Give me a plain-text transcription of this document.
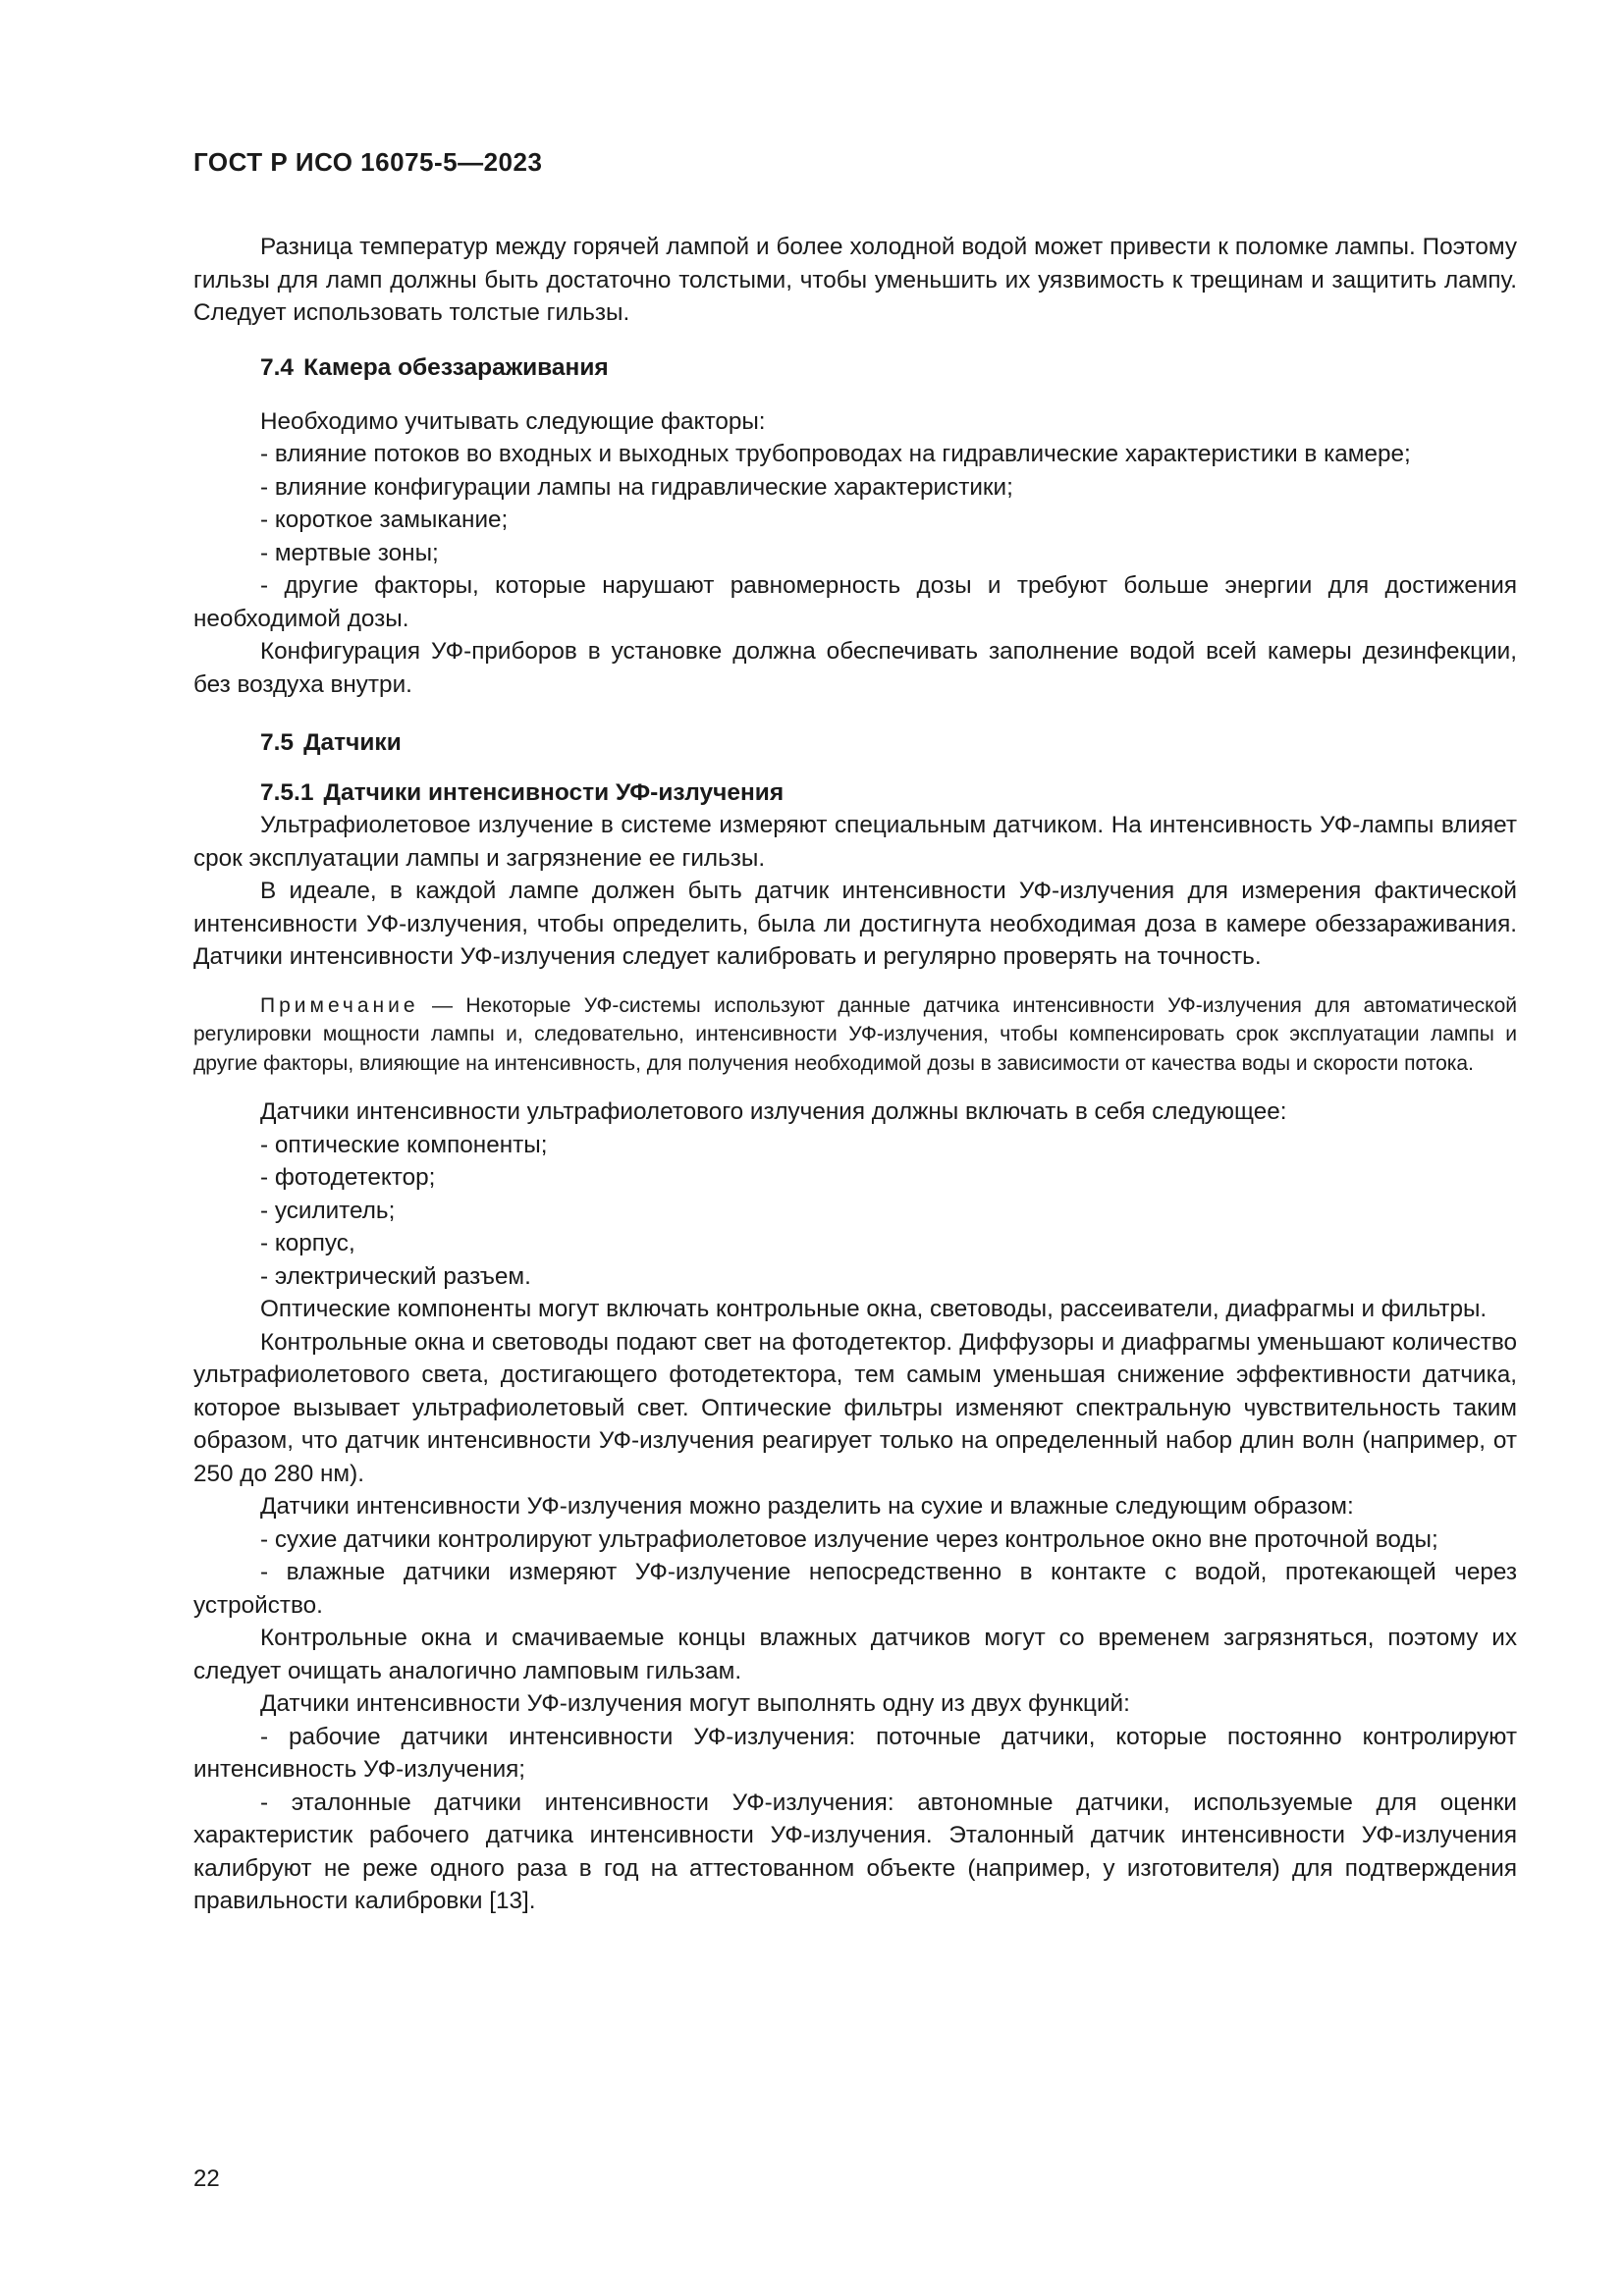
ГОСТ Р ИСО 16075-5—2023

Разница температур между горячей лампой и более холодной водой может привести к поломке лампы. Поэтому гильзы для ламп должны быть достаточно толстыми, чтобы уменьшить их уязвимость к трещинам и защитить лампу. Следует использовать толстые гильзы.

7.4 Камера обеззараживания

Необходимо учитывать следующие факторы:

- влияние потоков во входных и выходных трубопроводах на гидравлические характеристики в камере;

- влияние конфигурации лампы на гидравлические характеристики;

- короткое замыкание;

- мертвые зоны;

- другие факторы, которые нарушают равномерность дозы и требуют больше энергии для достижения необходимой дозы.

Конфигурация УФ-приборов в установке должна обеспечивать заполнение водой всей камеры дезинфекции, без воздуха внутри.

7.5 Датчики
7.5.1 Датчики интенсивности УФ-излучения

Ультрафиолетовое излучение в системе измеряют специальным датчиком. На интенсивность УФ-лампы влияет срок эксплуатации лампы и загрязнение ее гильзы.

В идеале, в каждой лампе должен быть датчик интенсивности УФ-излучения для измерения фактической интенсивности УФ-излучения, чтобы определить, была ли достигнута необходимая доза в камере обеззараживания. Датчики интенсивности УФ-излучения следует калибровать и регулярно проверять на точность.

Примечание — Некоторые УФ-системы используют данные датчика интенсивности УФ-излучения для автоматической регулировки мощности лампы и, следовательно, интенсивности УФ-излучения, чтобы компенсировать срок эксплуатации лампы и другие факторы, влияющие на интенсивность, для получения необходимой дозы в зависимости от качества воды и скорости потока.

Датчики интенсивности ультрафиолетового излучения должны включать в себя следующее:

- оптические компоненты;

- фотодетектор;

- усилитель;

- корпус,

- электрический разъем.

Оптические компоненты могут включать контрольные окна, световоды, рассеиватели, диафрагмы и фильтры.

Контрольные окна и световоды подают свет на фотодетектор. Диффузоры и диафрагмы уменьшают количество ультрафиолетового света, достигающего фотодетектора, тем самым уменьшая снижение эффективности датчика, которое вызывает ультрафиолетовый свет. Оптические фильтры изменяют спектральную чувствительность таким образом, что датчик интенсивности УФ-излучения реагирует только на определенный набор длин волн (например, от 250 до 280 нм).

Датчики интенсивности УФ-излучения можно разделить на сухие и влажные следующим образом:

- сухие датчики контролируют ультрафиолетовое излучение через контрольное окно вне проточной воды;

- влажные датчики измеряют УФ-излучение непосредственно в контакте с водой, протекающей через устройство.

Контрольные окна и смачиваемые концы влажных датчиков могут со временем загрязняться, поэтому их следует очищать аналогично ламповым гильзам.

Датчики интенсивности УФ-излучения могут выполнять одну из двух функций:

- рабочие датчики интенсивности УФ-излучения: поточные датчики, которые постоянно контролируют интенсивность УФ-излучения;

- эталонные датчики интенсивности УФ-излучения: автономные датчики, используемые для оценки характеристик рабочего датчика интенсивности УФ-излучения. Эталонный датчик интенсивности УФ-излучения калибруют не реже одного раза в год на аттестованном объекте (например, у изготовителя) для подтверждения правильности калибровки [13].

22
